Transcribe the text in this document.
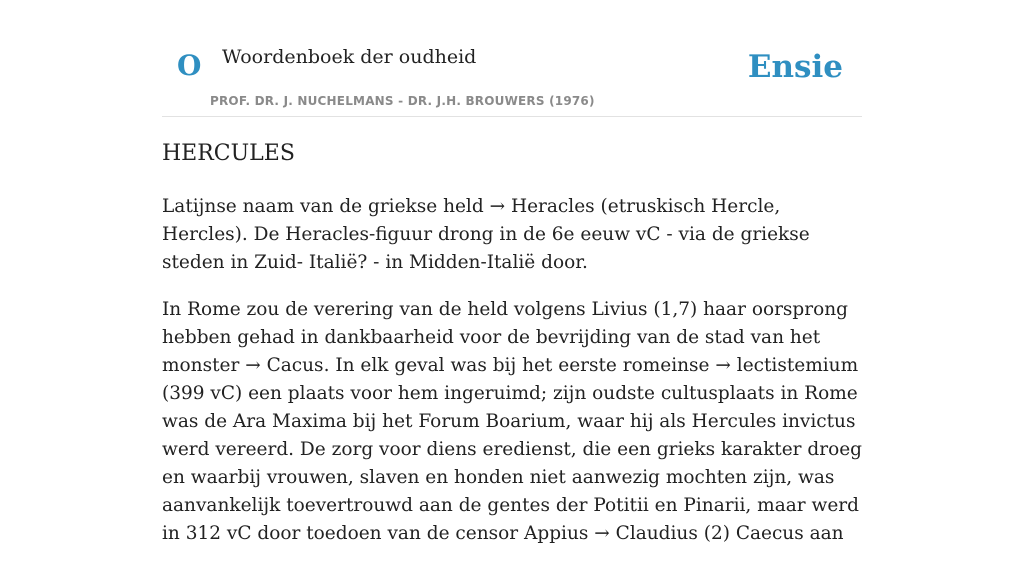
O Woordenboek der oudheid
PROF. DR. J. NUCHELMANS - DR. J.H. BROUWERS (1976)
Ensie
HERCULES

Latijnse naam van de griekse held → Heracles (etruskisch Hercle, Hercles). De Heracles-figuur drong in de 6e eeuw vC - via de griekse steden in Zuid- Italië? - in Midden-Italië door.

In Rome zou de verering van de held volgens Livius (1,7) haar oorsprong hebben gehad in dankbaarheid voor de bevrijding van de stad van het monster → Cacus. In elk geval was bij het eerste romeinse → lectistemium (399 vC) een plaats voor hem ingeruimd; zijn oudste cultusplaats in Rome was de Ara Maxima bij het Forum Boarium, waar hij als Hercules invictus werd vereerd. De zorg voor diens eredienst, die een grieks karakter droeg en waarbij vrouwen, slaven en honden niet aanwezig mochten zijn, was aanvankelijk toevertrouwd aan de gentes der Potitii en Pinarii, maar werd in 312 vC door toedoen van de censor Appius → Claudius (2) Caecus aan
